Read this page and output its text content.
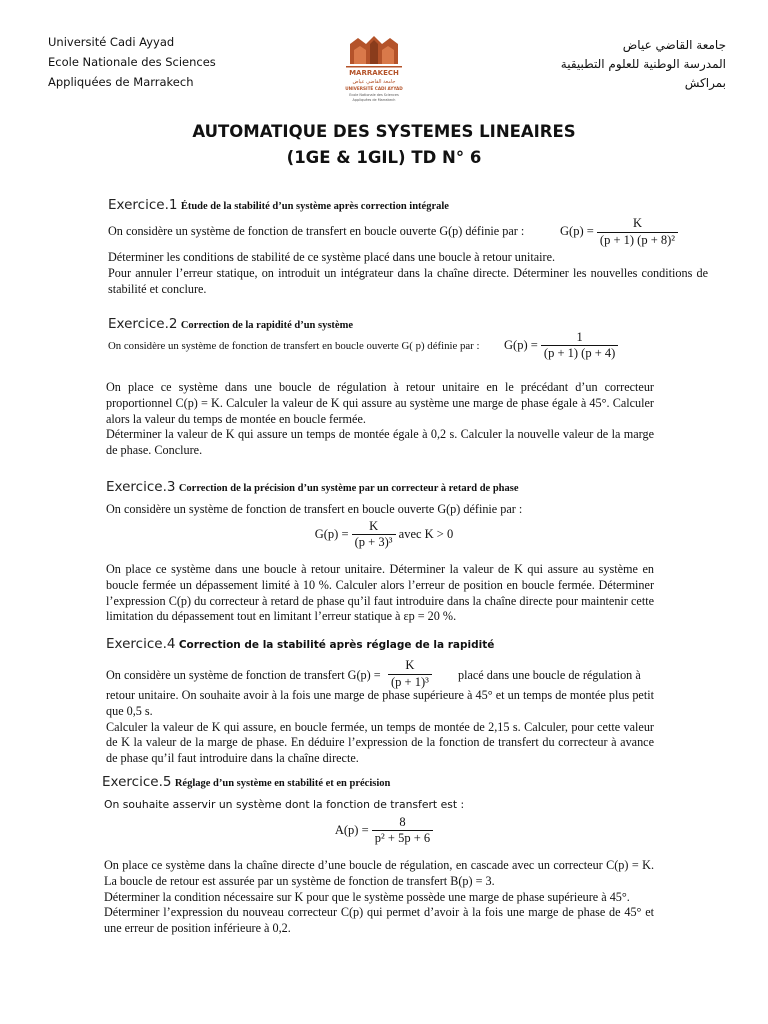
Université Cadi Ayyad
Ecole Nationale des Sciences
Appliquées de Marrakech
MARRAKECH
جامعة القاضي عياض
UNIVERSITÉ CADI AYYAD
Ecole Nationale des Sciences
Appliquées de Marrakech
جامعة القاضي عياض
المدرسة الوطنية للعلوم التطبيقية
بمراكش
AUTOMATIQUE DES SYSTEMES LINEAIRES
(1GE & 1GIL) TD N° 6
Exercice.1 Étude de la stabilité d’un système après correction intégrale
On considère un système de fonction de transfert en boucle ouverte G(p) définie par :	$G(p) = \frac{K}{\text{(p + 1) (p + 8)²}}$
Déterminer les conditions de stabilité de ce système placé dans une boucle à retour unitaire.
Pour annuler l’erreur statique, on introduit un intégrateur dans la chaîne directe. Déterminer les nouvelles conditions de stabilité et conclure.
Exercice.2 Correction de la rapidité d’un système
On considère un système de fonction de transfert en boucle ouverte G( p) définie par : $G(p) = \frac{1}{(p + 1) (p + 4)}$
On place ce système dans une boucle de régulation à retour unitaire en le précédant d’un correcteur proportionnel C(p) = K. Calculer la valeur de K qui assure au système une marge de phase égale à 45°. Calculer alors la valeur du temps de montée en boucle fermée.
Déterminer la valeur de K qui assure un temps de montée égale à 0,2 s. Calculer la nouvelle valeur de la marge de phase. Conclure.
Exercice.3 Correction de la précision d’un système par un correcteur à retard de phase
On considère un système de fonction de transfert en boucle ouverte G(p) définie par :
$G(p) = \frac{K}{\text{(p + 3)³}}$ avec K > 0
On place ce système dans une boucle à retour unitaire. Déterminer la valeur de K qui assure au système en boucle fermée un dépassement limité à 10 %. Calculer alors l’erreur de position en boucle fermée. Déterminer l’expression C(p) du correcteur à retard de phase qu’il faut introduire dans la chaîne directe pour maintenir cette limitation du dépassement tout en limitant l’erreur statique à εp = 20 %.
Exercice.4 Correction de la stabilité après réglage de la rapidité
On considère un système de fonction de transfert $G(p) = \frac{K}{\text{(p + 1)³}}$ placé dans une boucle de régulation à
retour unitaire. On souhaite avoir à la fois une marge de phase supérieure à 45° et un temps de montée plus petit que 0,5 s.
Calculer la valeur de K qui assure, en boucle fermée, un temps de montée de 2,15 s. Calculer, pour cette valeur de K la valeur de la marge de phase. En déduire l’expression de la fonction de transfert du correcteur à avance de phase qu’il faut introduire dans la chaîne directe.
Exercice.5 Réglage d’un système en stabilité et en précision
On souhaite asservir un système dont la fonction de transfert est :
$A(p) = \frac{8}{\text{p² + 5p + 6}}$
On place ce système dans la chaîne directe d’une boucle de régulation, en cascade avec un correcteur C(p) = K. La boucle de retour est assurée par un système de fonction de transfert B(p) = 3.
Déterminer la condition nécessaire sur K pour que le système possède une marge de phase supérieure à 45°.
Déterminer l’expression du nouveau correcteur C(p) qui permet d’avoir à la fois une marge de phase de 45° et une erreur de position inférieure à 0,2.
